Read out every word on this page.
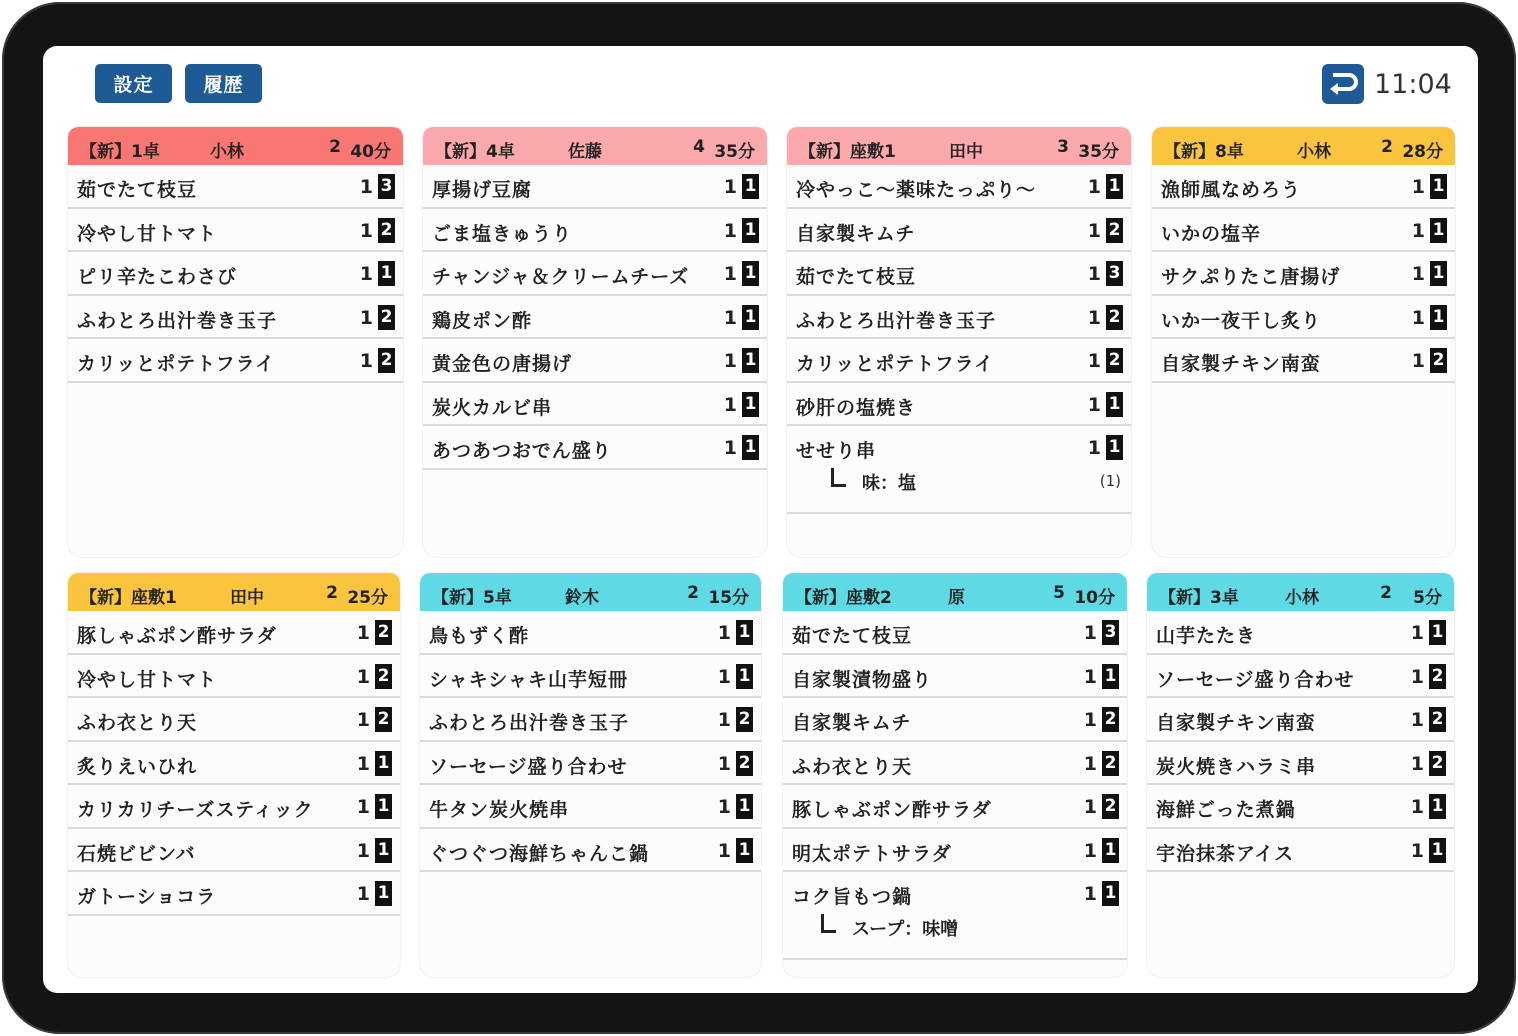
設定	履歴	11:04
【新】1卓	小林	2 40分
茹でたて枝豆	1 3
冷やし甘トマト	1 2
ピリ辛たこわさび	1 1
ふわとろ出汁巻き玉子	1 2
カリッとポテトフライ	1 2
【新】4卓	佐藤	4 35分
厚揚げ豆腐	1 1
ごま塩きゅうり	1 1
チャンジャ＆クリームチーズ 1 1
鶏皮ポン酢	1 1
黄金色の唐揚げ	1 1
炭火カルビ串	1 1
あつあつおでん盛り	1 1
【新】座敷1	田中	3 35分
冷やっこ〜薬味たっぷり〜	1 1
自家製キムチ	1 2
茹でたて枝豆	1 3
ふわとろ出汁巻き玉子	1 2
カリッとポテトフライ	1 2
砂肝の塩焼き	1 1
せせり串	1 1
味：塩	(1)
【新】8卓	小林	2 28分
漁師風なめろう	1 1
いかの塩辛	1 1
サクぷりたこ唐揚げ	1 1
いか一夜干し炙り	1 1
自家製チキン南蛮	1 2
【新】座敷1	田中	2 25分
豚しゃぶポン酢サラダ	1 2
冷やし甘トマト	1 2
ふわ衣とり天	1 2
炙りえいひれ	1 1
カリカリチーズスティック 1 1
石焼ビビンバ	1 1
ガトーショコラ	1 1
【新】5卓	鈴木	2 15分
鳥もずく酢	1 1
シャキシャキ山芋短冊	1 1
ふわとろ出汁巻き玉子	1 2
ソーセージ盛り合わせ	1 2
牛タン炭火焼串	1 1
ぐつぐつ海鮮ちゃんこ鍋	1 1
【新】座敷2	原	5 10分
茹でたて枝豆	1 3
自家製漬物盛り	1 1
自家製キムチ	1 2
ふわ衣とり天	1 2
豚しゃぶポン酢サラダ	1 2
明太ポテトサラダ	1 1
コク旨もつ鍋	1 1
スープ：味噌
【新】3卓	小林	2 5分
山芋たたき	1 1
ソーセージ盛り合わせ	1 2
自家製チキン南蛮	1 2
炭火焼きハラミ串	1 2
海鮮ごった煮鍋	1 1
宇治抹茶アイス	1 1
